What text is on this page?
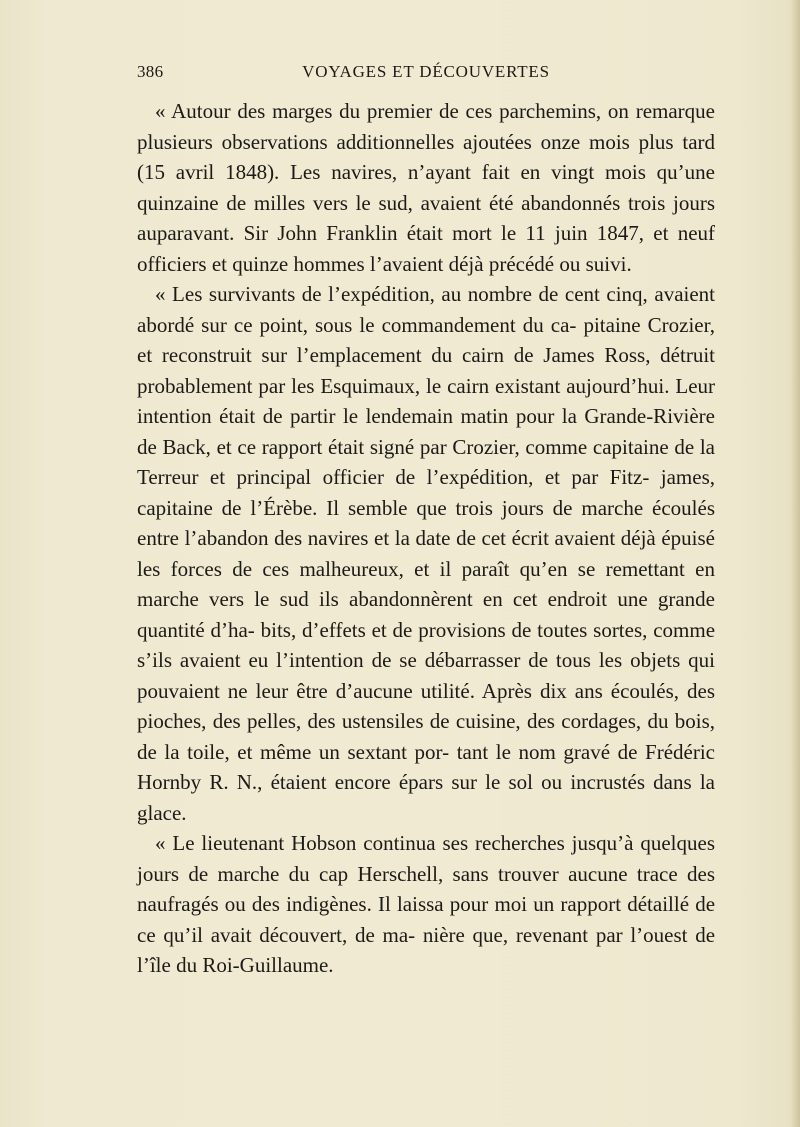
386	VOYAGES ET DÉCOUVERTES

« Autour des marges du premier de ces parchemins, on remarque plusieurs observations additionnelles ajoutées onze mois plus tard (15 avril 1848). Les navires, n’ayant fait en vingt mois qu’une quinzaine de milles vers le sud, avaient été abandonnés trois jours auparavant. Sir John Franklin était mort le 11 juin 1847, et neuf officiers et quinze hommes l’avaient déjà précédé ou suivi.

« Les survivants de l’expédition, au nombre de cent cinq, avaient abordé sur ce point, sous le commandement du ca- pitaine Crozier, et reconstruit sur l’emplacement du cairn de James Ross, détruit probablement par les Esquimaux, le cairn existant aujourd’hui. Leur intention était de partir le lendemain matin pour la Grande-Rivière de Back, et ce rapport était signé par Crozier, comme capitaine de la Terreur et principal officier de l’expédition, et par Fitz- james, capitaine de l’Érèbe. Il semble que trois jours de marche écoulés entre l’abandon des navires et la date de cet écrit avaient déjà épuisé les forces de ces malheureux, et il paraît qu’en se remettant en marche vers le sud ils abandonnèrent en cet endroit une grande quantité d’ha- bits, d’effets et de provisions de toutes sortes, comme s’ils avaient eu l’intention de se débarrasser de tous les objets qui pouvaient ne leur être d’aucune utilité. Après dix ans écoulés, des pioches, des pelles, des ustensiles de cuisine, des cordages, du bois, de la toile, et même un sextant por- tant le nom gravé de Frédéric Hornby R. N., étaient encore épars sur le sol ou incrustés dans la glace.

« Le lieutenant Hobson continua ses recherches jusqu’à quelques jours de marche du cap Herschell, sans trouver aucune trace des naufragés ou des indigènes. Il laissa pour moi un rapport détaillé de ce qu’il avait découvert, de ma- nière que, revenant par l’ouest de l’île du Roi-Guillaume.
